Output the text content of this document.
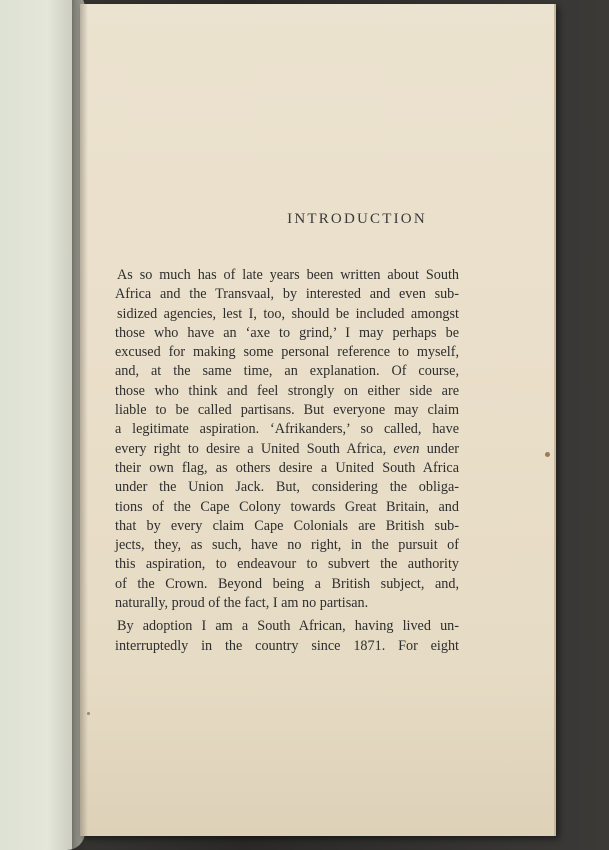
INTRODUCTION
As so much has of late years been written about South
Africa and the Transvaal, by interested and even sub-
sidized agencies, lest I, too, should be included amongst
those who have an ‘axe to grind,’ I may perhaps be
excused for making some personal reference to myself,
and, at the same time, an explanation. Of course,
those who think and feel strongly on either side are
liable to be called partisans. But everyone may claim
a legitimate aspiration. ‘Afrikanders,’ so called, have
every right to desire a United South Africa, even under
their own flag, as others desire a United South Africa
under the Union Jack. But, considering the obliga-
tions of the Cape Colony towards Great Britain, and
that by every claim Cape Colonials are British sub-
jects, they, as such, have no right, in the pursuit of
this aspiration, to endeavour to subvert the authority
of the Crown. Beyond being a British subject, and,
naturally, proud of the fact, I am no partisan.
By adoption I am a South African, having lived un-
interruptedly in the country since 1871. For eight
